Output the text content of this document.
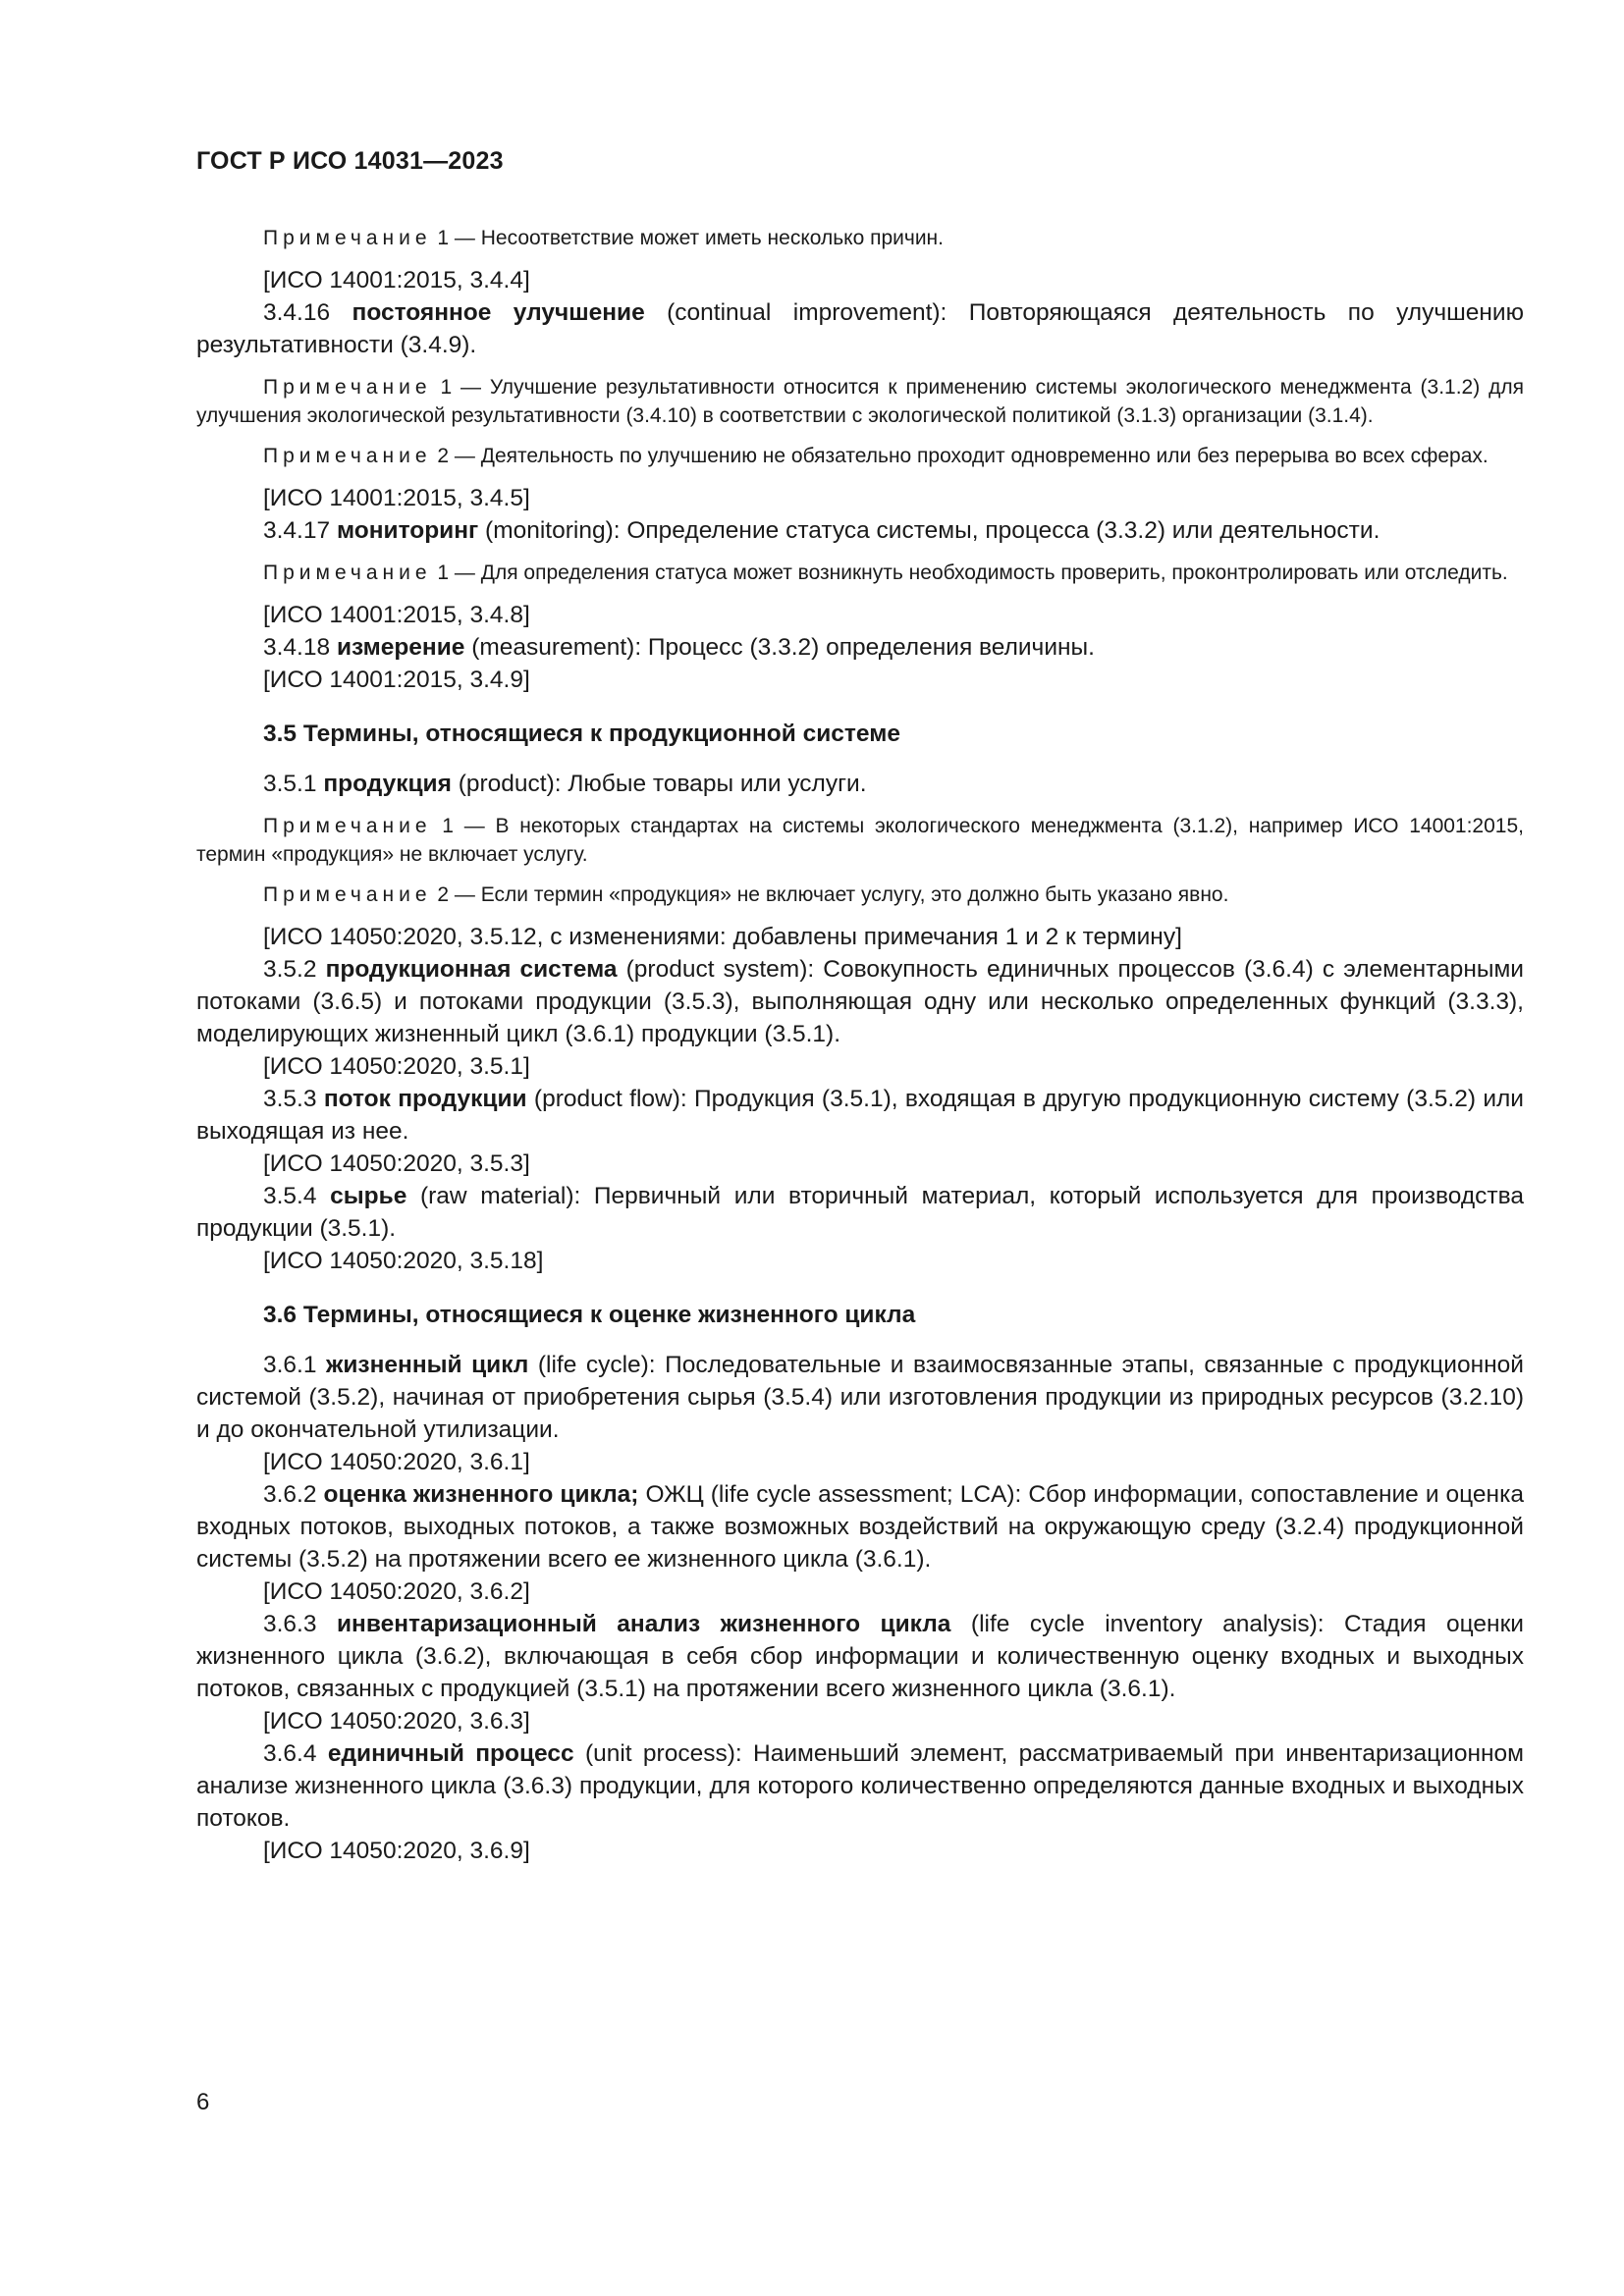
ГОСТ Р ИСО 14031—2023

Примечание 1 — Несоответствие может иметь несколько причин.

[ИСО 14001:2015, 3.4.4]

3.4.16 постоянное улучшение (continual improvement): Повторяющаяся деятельность по улучшению результативности (3.4.9).

Примечание 1 — Улучшение результативности относится к применению системы экологического менеджмента (3.1.2) для улучшения экологической результативности (3.4.10) в соответствии с экологической политикой (3.1.3) организации (3.1.4).

Примечание 2 — Деятельность по улучшению не обязательно проходит одновременно или без перерыва во всех сферах.

[ИСО 14001:2015, 3.4.5]

3.4.17 мониторинг (monitoring): Определение статуса системы, процесса (3.3.2) или деятельности.

Примечание 1 — Для определения статуса может возникнуть необходимость проверить, проконтролировать или отследить.

[ИСО 14001:2015, 3.4.8]

3.4.18 измерение (measurement): Процесс (3.3.2) определения величины.

[ИСО 14001:2015, 3.4.9]

3.5 Термины, относящиеся к продукционной системе

3.5.1 продукция (product): Любые товары или услуги.

Примечание 1 — В некоторых стандартах на системы экологического менеджмента (3.1.2), например ИСО 14001:2015, термин «продукция» не включает услугу.

Примечание 2 — Если термин «продукция» не включает услугу, это должно быть указано явно.

[ИСО 14050:2020, 3.5.12, с изменениями: добавлены примечания 1 и 2 к термину]

3.5.2 продукционная система (product system): Совокупность единичных процессов (3.6.4) с элементарными потоками (3.6.5) и потоками продукции (3.5.3), выполняющая одну или несколько определенных функций (3.3.3), моделирующих жизненный цикл (3.6.1) продукции (3.5.1).

[ИСО 14050:2020, 3.5.1]

3.5.3 поток продукции (product flow): Продукция (3.5.1), входящая в другую продукционную систему (3.5.2) или выходящая из нее.

[ИСО 14050:2020, 3.5.3]

3.5.4 сырье (raw material): Первичный или вторичный материал, который используется для производства продукции (3.5.1).

[ИСО 14050:2020, 3.5.18]

3.6 Термины, относящиеся к оценке жизненного цикла

3.6.1 жизненный цикл (life cycle): Последовательные и взаимосвязанные этапы, связанные с продукционной системой (3.5.2), начиная от приобретения сырья (3.5.4) или изготовления продукции из природных ресурсов (3.2.10) и до окончательной утилизации.

[ИСО 14050:2020, 3.6.1]

3.6.2 оценка жизненного цикла; ОЖЦ (life cycle assessment; LCA): Сбор информации, сопоставление и оценка входных потоков, выходных потоков, а также возможных воздействий на окружающую среду (3.2.4) продукционной системы (3.5.2) на протяжении всего ее жизненного цикла (3.6.1).

[ИСО 14050:2020, 3.6.2]

3.6.3 инвентаризационный анализ жизненного цикла (life cycle inventory analysis): Стадия оценки жизненного цикла (3.6.2), включающая в себя сбор информации и количественную оценку входных и выходных потоков, связанных с продукцией (3.5.1) на протяжении всего жизненного цикла (3.6.1).

[ИСО 14050:2020, 3.6.3]

3.6.4 единичный процесс (unit process): Наименьший элемент, рассматриваемый при инвентаризационном анализе жизненного цикла (3.6.3) продукции, для которого количественно определяются данные входных и выходных потоков.

[ИСО 14050:2020, 3.6.9]

6
